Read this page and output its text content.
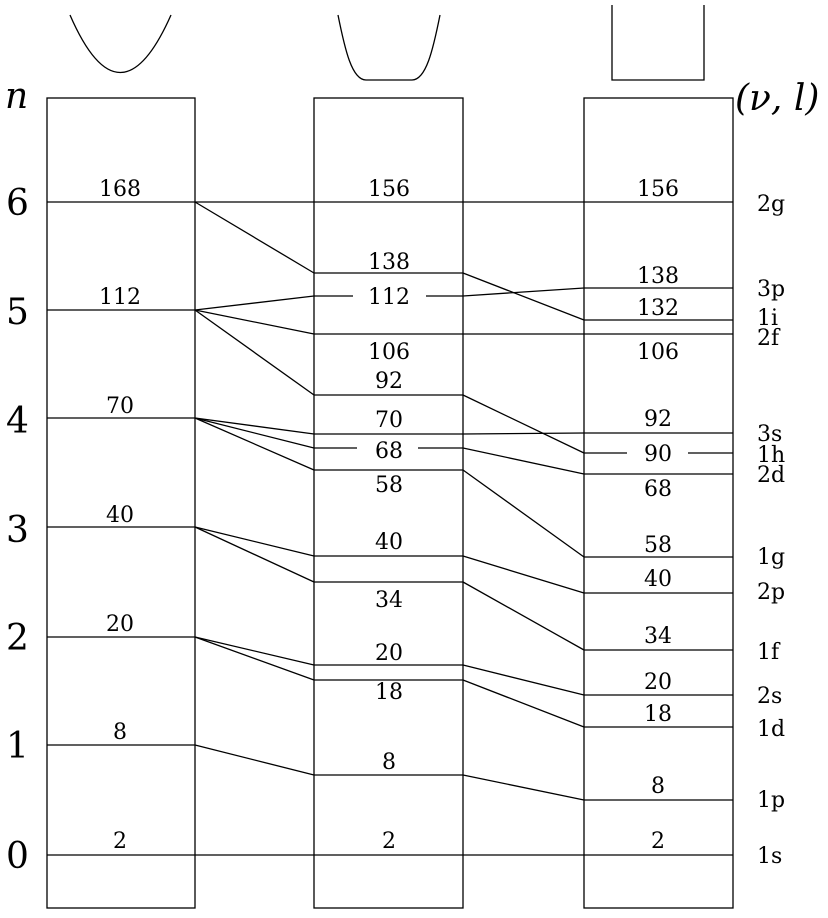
n	(ν, l)
0
1
2
3
4
5
6
2
8
20
40
70
112
168
2
8
18
20
34
40
58
68
70
92
106
112
138
156
2
8
18
20
34
40
58
68
90
92
106
132
138
156
1s
1p
1d
2s
1f
2p
1g
2d
1h
3s
2f
1i
3p
2g
